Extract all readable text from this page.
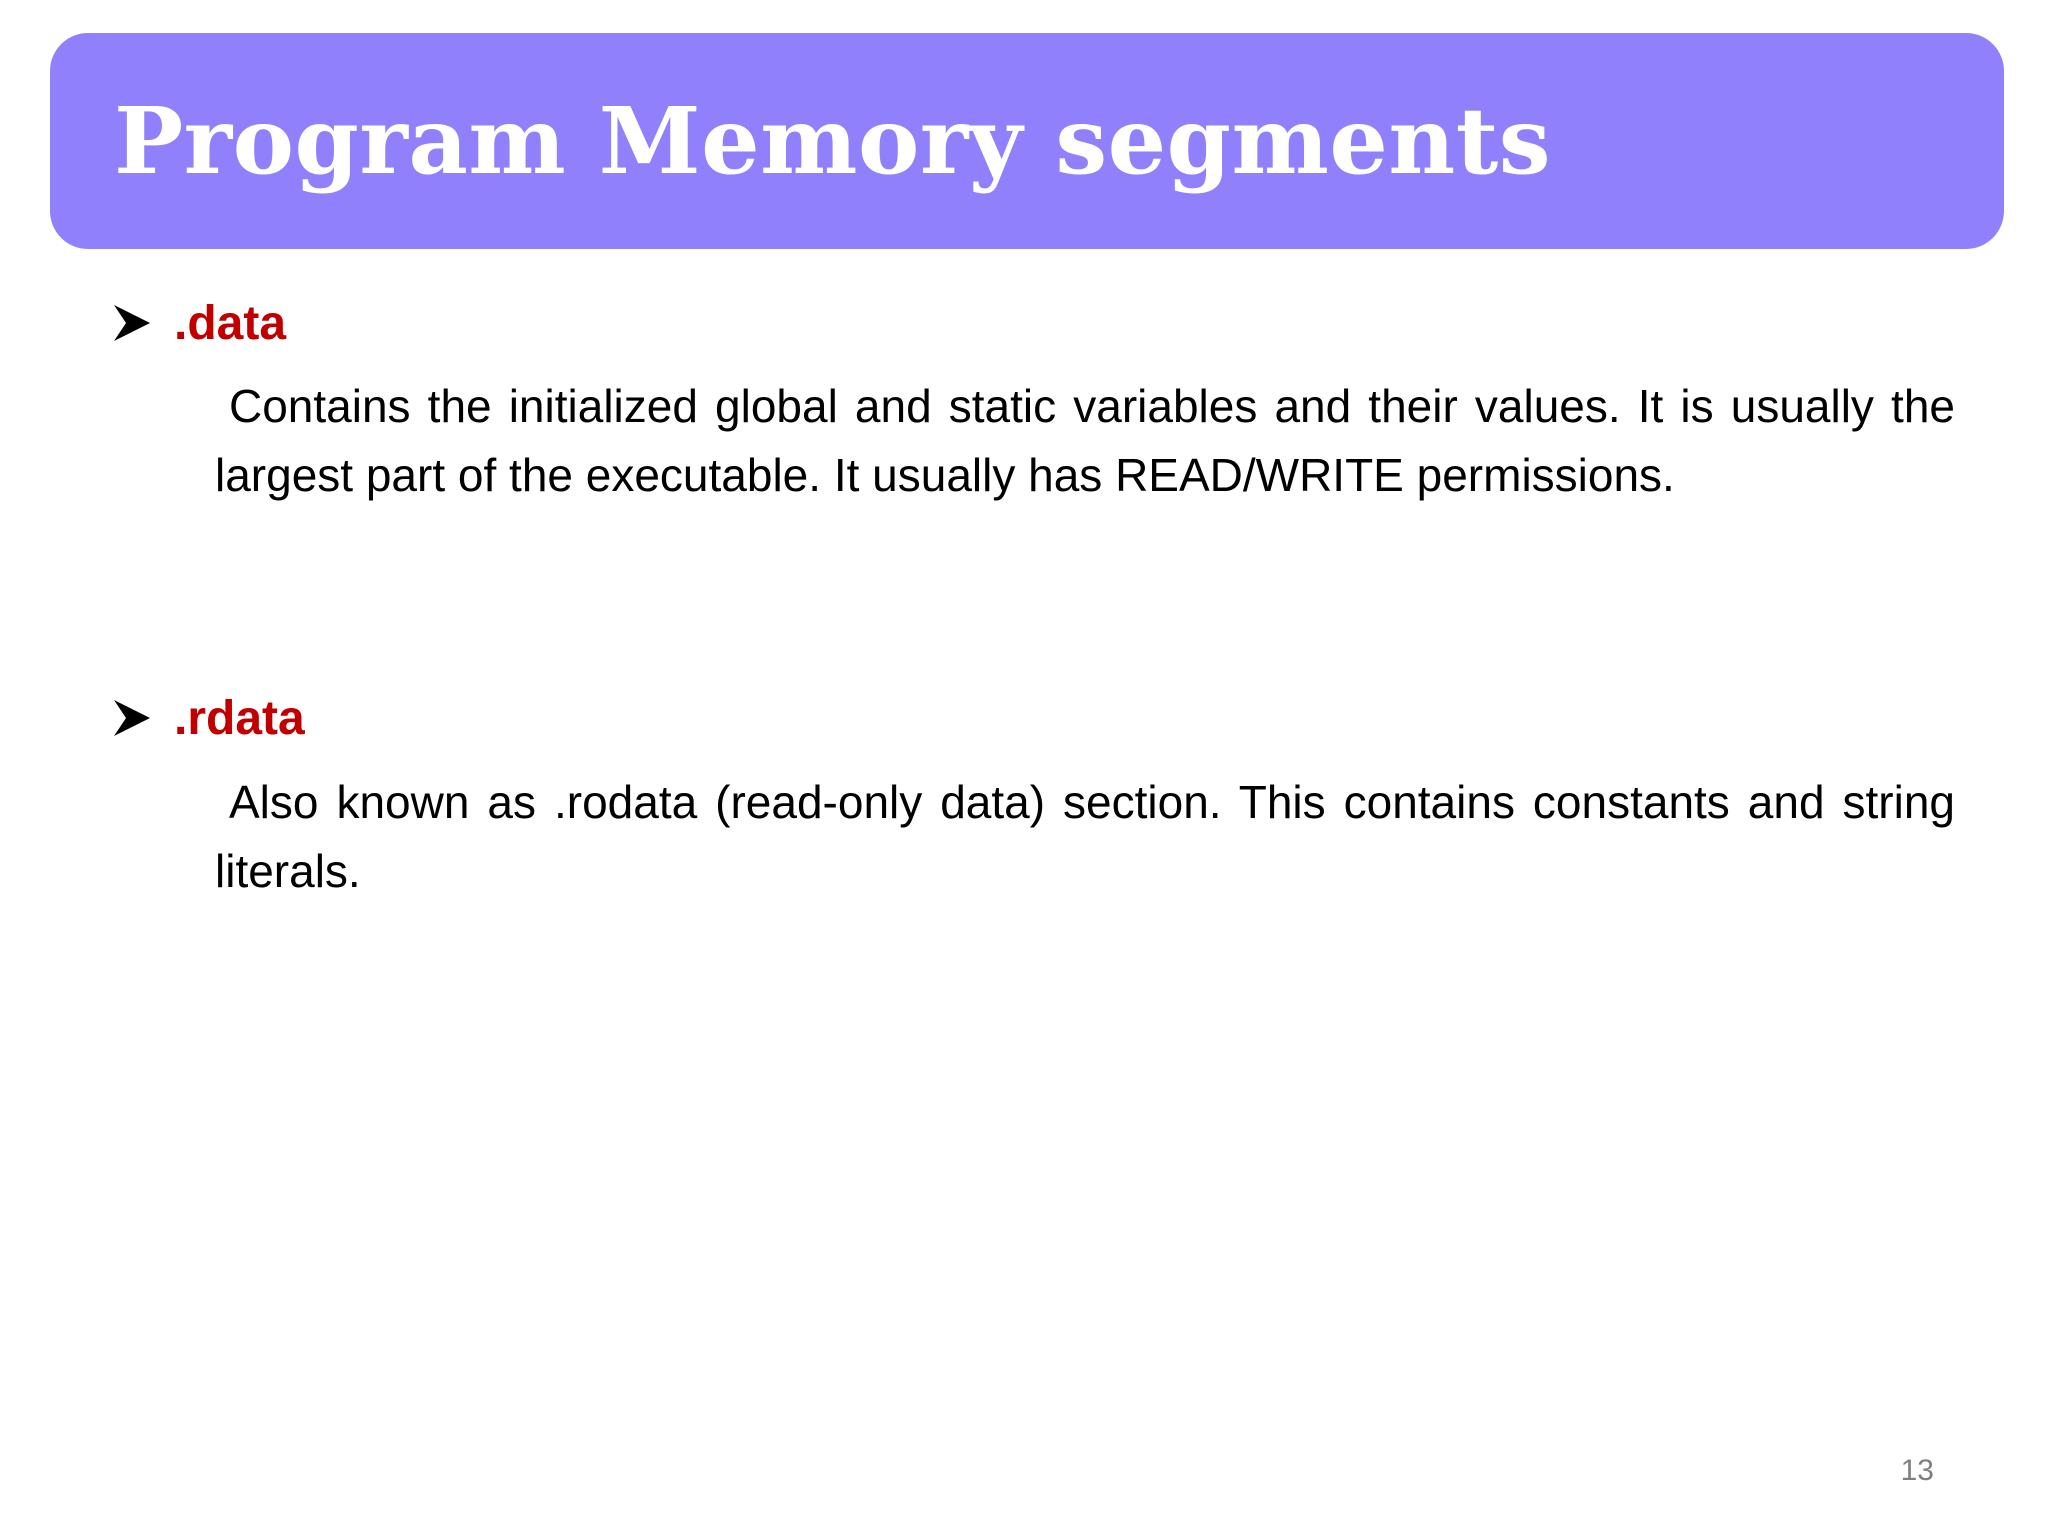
Program Memory segments
.data

Contains the initialized global and static variables and their values. It is usually the largest part of the executable. It usually has READ/WRITE permissions.

.rdata

Also known as .rodata (read-only data) section. This contains constants and string literals.

13
